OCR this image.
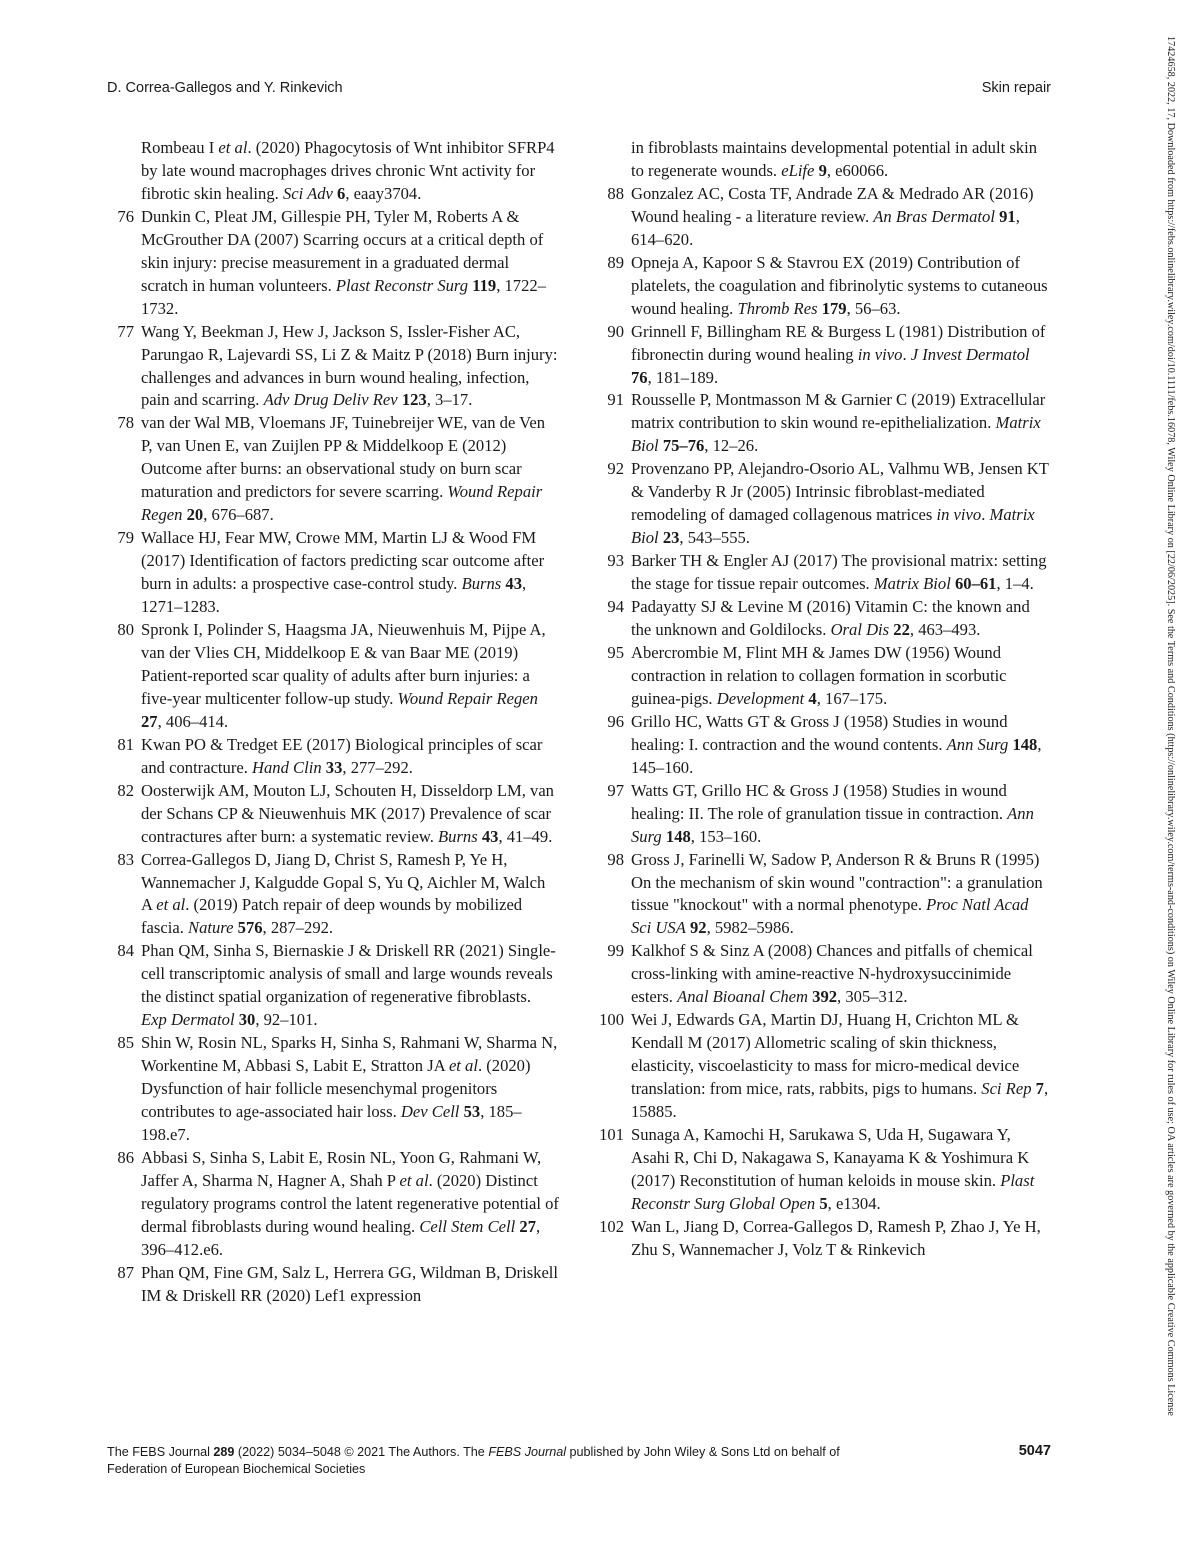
D. Correa-Gallegos and Y. Rinkevich	Skin repair
Rombeau I et al. (2020) Phagocytosis of Wnt inhibitor SFRP4 by late wound macrophages drives chronic Wnt activity for fibrotic skin healing. Sci Adv 6, eaay3704.
76 Dunkin C, Pleat JM, Gillespie PH, Tyler M, Roberts A & McGrouther DA (2007) Scarring occurs at a critical depth of skin injury: precise measurement in a graduated dermal scratch in human volunteers. Plast Reconstr Surg 119, 1722–1732.
77 Wang Y, Beekman J, Hew J, Jackson S, Issler-Fisher AC, Parungao R, Lajevardi SS, Li Z & Maitz P (2018) Burn injury: challenges and advances in burn wound healing, infection, pain and scarring. Adv Drug Deliv Rev 123, 3–17.
78 van der Wal MB, Vloemans JF, Tuinebreijer WE, van de Ven P, van Unen E, van Zuijlen PP & Middelkoop E (2012) Outcome after burns: an observational study on burn scar maturation and predictors for severe scarring. Wound Repair Regen 20, 676–687.
79 Wallace HJ, Fear MW, Crowe MM, Martin LJ & Wood FM (2017) Identification of factors predicting scar outcome after burn in adults: a prospective case-control study. Burns 43, 1271–1283.
80 Spronk I, Polinder S, Haagsma JA, Nieuwenhuis M, Pijpe A, van der Vlies CH, Middelkoop E & van Baar ME (2019) Patient-reported scar quality of adults after burn injuries: a five-year multicenter follow-up study. Wound Repair Regen 27, 406–414.
81 Kwan PO & Tredget EE (2017) Biological principles of scar and contracture. Hand Clin 33, 277–292.
82 Oosterwijk AM, Mouton LJ, Schouten H, Disseldorp LM, van der Schans CP & Nieuwenhuis MK (2017) Prevalence of scar contractures after burn: a systematic review. Burns 43, 41–49.
83 Correa-Gallegos D, Jiang D, Christ S, Ramesh P, Ye H, Wannemacher J, Kalgudde Gopal S, Yu Q, Aichler M, Walch A et al. (2019) Patch repair of deep wounds by mobilized fascia. Nature 576, 287–292.
84 Phan QM, Sinha S, Biernaskie J & Driskell RR (2021) Single-cell transcriptomic analysis of small and large wounds reveals the distinct spatial organization of regenerative fibroblasts. Exp Dermatol 30, 92–101.
85 Shin W, Rosin NL, Sparks H, Sinha S, Rahmani W, Sharma N, Workentine M, Abbasi S, Labit E, Stratton JA et al. (2020) Dysfunction of hair follicle mesenchymal progenitors contributes to age-associated hair loss. Dev Cell 53, 185–198.e7.
86 Abbasi S, Sinha S, Labit E, Rosin NL, Yoon G, Rahmani W, Jaffer A, Sharma N, Hagner A, Shah P et al. (2020) Distinct regulatory programs control the latent regenerative potential of dermal fibroblasts during wound healing. Cell Stem Cell 27, 396–412.e6.
87 Phan QM, Fine GM, Salz L, Herrera GG, Wildman B, Driskell IM & Driskell RR (2020) Lef1 expression
in fibroblasts maintains developmental potential in adult skin to regenerate wounds. eLife 9, e60066.
88 Gonzalez AC, Costa TF, Andrade ZA & Medrado AR (2016) Wound healing - a literature review. An Bras Dermatol 91, 614–620.
89 Opneja A, Kapoor S & Stavrou EX (2019) Contribution of platelets, the coagulation and fibrinolytic systems to cutaneous wound healing. Thromb Res 179, 56–63.
90 Grinnell F, Billingham RE & Burgess L (1981) Distribution of fibronectin during wound healing in vivo. J Invest Dermatol 76, 181–189.
91 Rousselle P, Montmasson M & Garnier C (2019) Extracellular matrix contribution to skin wound re-epithelialization. Matrix Biol 75–76, 12–26.
92 Provenzano PP, Alejandro-Osorio AL, Valhmu WB, Jensen KT & Vanderby R Jr (2005) Intrinsic fibroblast-mediated remodeling of damaged collagenous matrices in vivo. Matrix Biol 23, 543–555.
93 Barker TH & Engler AJ (2017) The provisional matrix: setting the stage for tissue repair outcomes. Matrix Biol 60–61, 1–4.
94 Padayatty SJ & Levine M (2016) Vitamin C: the known and the unknown and Goldilocks. Oral Dis 22, 463–493.
95 Abercrombie M, Flint MH & James DW (1956) Wound contraction in relation to collagen formation in scorbutic guinea-pigs. Development 4, 167–175.
96 Grillo HC, Watts GT & Gross J (1958) Studies in wound healing: I. contraction and the wound contents. Ann Surg 148, 145–160.
97 Watts GT, Grillo HC & Gross J (1958) Studies in wound healing: II. The role of granulation tissue in contraction. Ann Surg 148, 153–160.
98 Gross J, Farinelli W, Sadow P, Anderson R & Bruns R (1995) On the mechanism of skin wound "contraction": a granulation tissue "knockout" with a normal phenotype. Proc Natl Acad Sci USA 92, 5982–5986.
99 Kalkhof S & Sinz A (2008) Chances and pitfalls of chemical cross-linking with amine-reactive N-hydroxysuccinimide esters. Anal Bioanal Chem 392, 305–312.
100 Wei J, Edwards GA, Martin DJ, Huang H, Crichton ML & Kendall M (2017) Allometric scaling of skin thickness, elasticity, viscoelasticity to mass for micro-medical device translation: from mice, rats, rabbits, pigs to humans. Sci Rep 7, 15885.
101 Sunaga A, Kamochi H, Sarukawa S, Uda H, Sugawara Y, Asahi R, Chi D, Nakagawa S, Kanayama K & Yoshimura K (2017) Reconstitution of human keloids in mouse skin. Plast Reconstr Surg Global Open 5, e1304.
102 Wan L, Jiang D, Correa-Gallegos D, Ramesh P, Zhao J, Ye H, Zhu S, Wannemacher J, Volz T & Rinkevich
The FEBS Journal 289 (2022) 5034–5048 © 2021 The Authors. The FEBS Journal published by John Wiley & Sons Ltd on behalf of Federation of European Biochemical Societies
5047
17424658, 2022, 17, Downloaded from https://febs.onlinelibrary.wiley.com/doi/10.1111/febs.16078, Wiley Online Library on [22/06/2025]. See the Terms and Conditions (https://onlinelibrary.wiley.com/terms-and-conditions) on Wiley Online Library for rules of use; OA articles are governed by the applicable Creative Commons License
